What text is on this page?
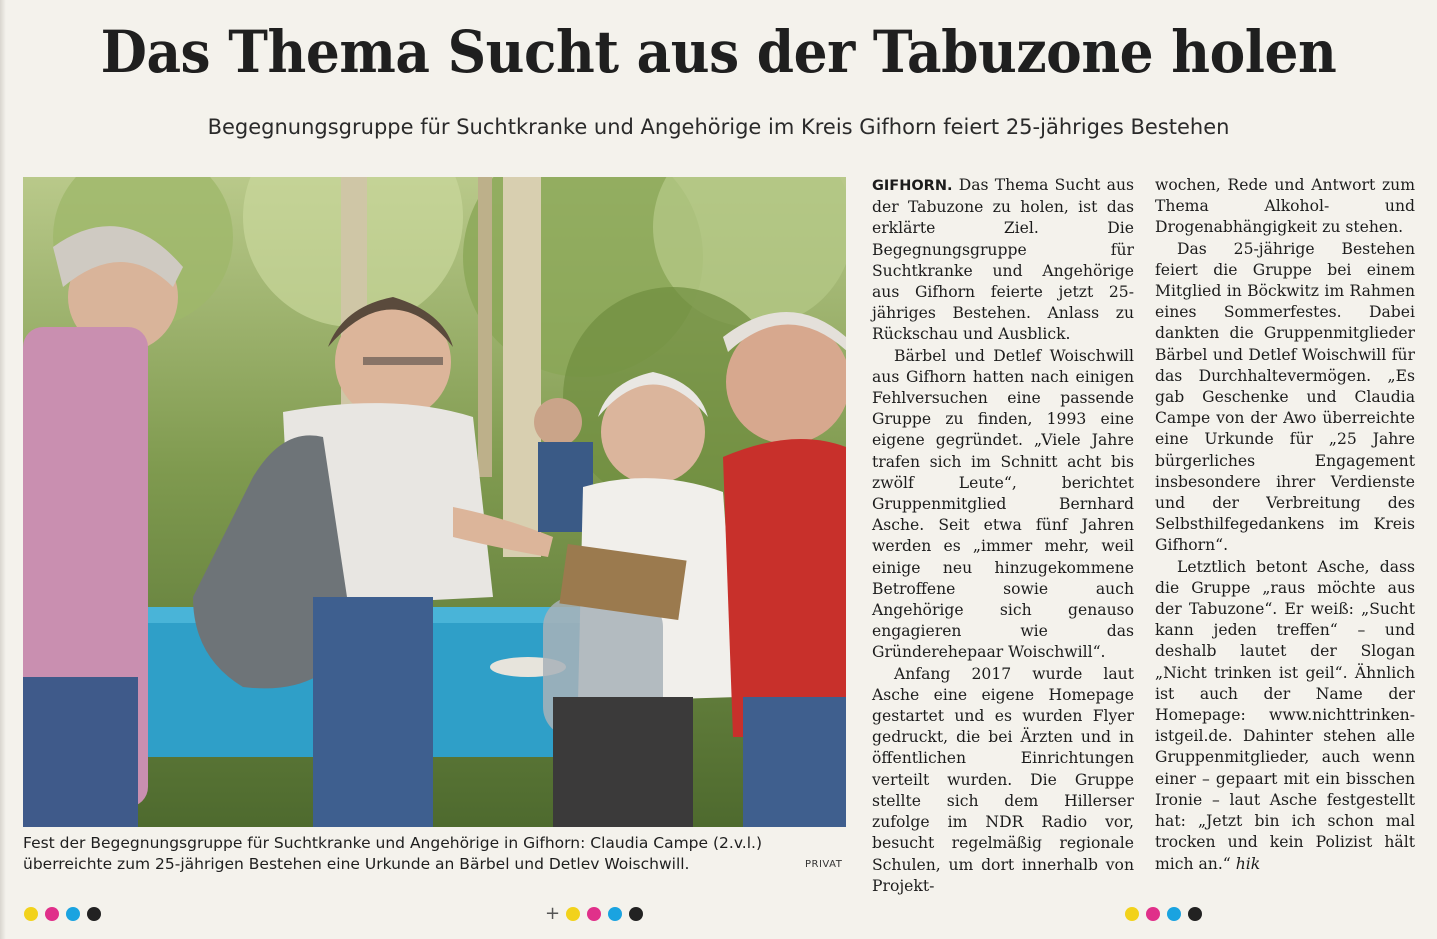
Das Thema Sucht aus der Tabuzone holen
Begegnungsgruppe für Suchtkranke und Angehörige im Kreis Gifhorn feiert 25-jähriges Bestehen
Fest der Begegnungsgruppe für Suchtkranke und Angehörige in Gifhorn: Claudia Campe (2.v.l.) überreichte zum 25-jährigen Bestehen eine Urkunde an Bärbel und Detlev Woischwill.	PRIVAT

GIFHORN. Das Thema Sucht aus der Tabuzone zu holen, ist das erklärte Ziel. Die Begegnungsgruppe für Suchtkranke und Angehörige aus Gifhorn feierte jetzt 25-jähriges Bestehen. Anlass zu Rückschau und Ausblick.

Bärbel und Detlef Woischwill aus Gifhorn hatten nach einigen Fehlversuchen eine passende Gruppe zu finden, 1993 eine eigene gegründet. „Viele Jahre trafen sich im Schnitt acht bis zwölf Leute“, berichtet Gruppenmitglied Bernhard Asche. Seit etwa fünf Jahren werden es „immer mehr, weil einige neu hinzugekommene Betroffene sowie auch Angehörige sich genauso engagieren wie das Gründerehepaar Woischwill“.

Anfang 2017 wurde laut Asche eine eigene Homepage gestartet und es wurden Flyer gedruckt, die bei Ärzten und in öffentlichen Einrichtungen verteilt wurden. Die Gruppe stellte sich dem Hillerser zufolge im NDR Radio vor, besucht regelmäßig regionale Schulen, um dort innerhalb von Projekt-

wochen, Rede und Antwort zum Thema Alkohol- und Drogenabhängigkeit zu stehen.

Das 25-jährige Bestehen feiert die Gruppe bei einem Mitglied in Böckwitz im Rahmen eines Sommerfestes. Dabei dankten die Gruppenmitglieder Bärbel und Detlef Woischwill für das Durchhaltevermögen. „Es gab Geschenke und Claudia Campe von der Awo überreichte eine Urkunde für „25 Jahre bürgerliches Engagement insbesondere ihrer Verdienste und der Verbreitung des Selbsthilfegedankens im Kreis Gifhorn“.

Letztlich betont Asche, dass die Gruppe „raus möchte aus der Tabuzone“. Er weiß: „Sucht kann jeden treffen“ – und deshalb lautet der Slogan „Nicht trinken ist geil“. Ähnlich ist auch der Name der Homepage: www.nichttrinken-istgeil.de. Dahinter stehen alle Gruppenmitglieder, auch wenn einer – gepaart mit ein bisschen Ironie – laut Asche festgestellt hat: „Jetzt bin ich schon mal trocken und kein Polizist hält mich an.“ hik

+
